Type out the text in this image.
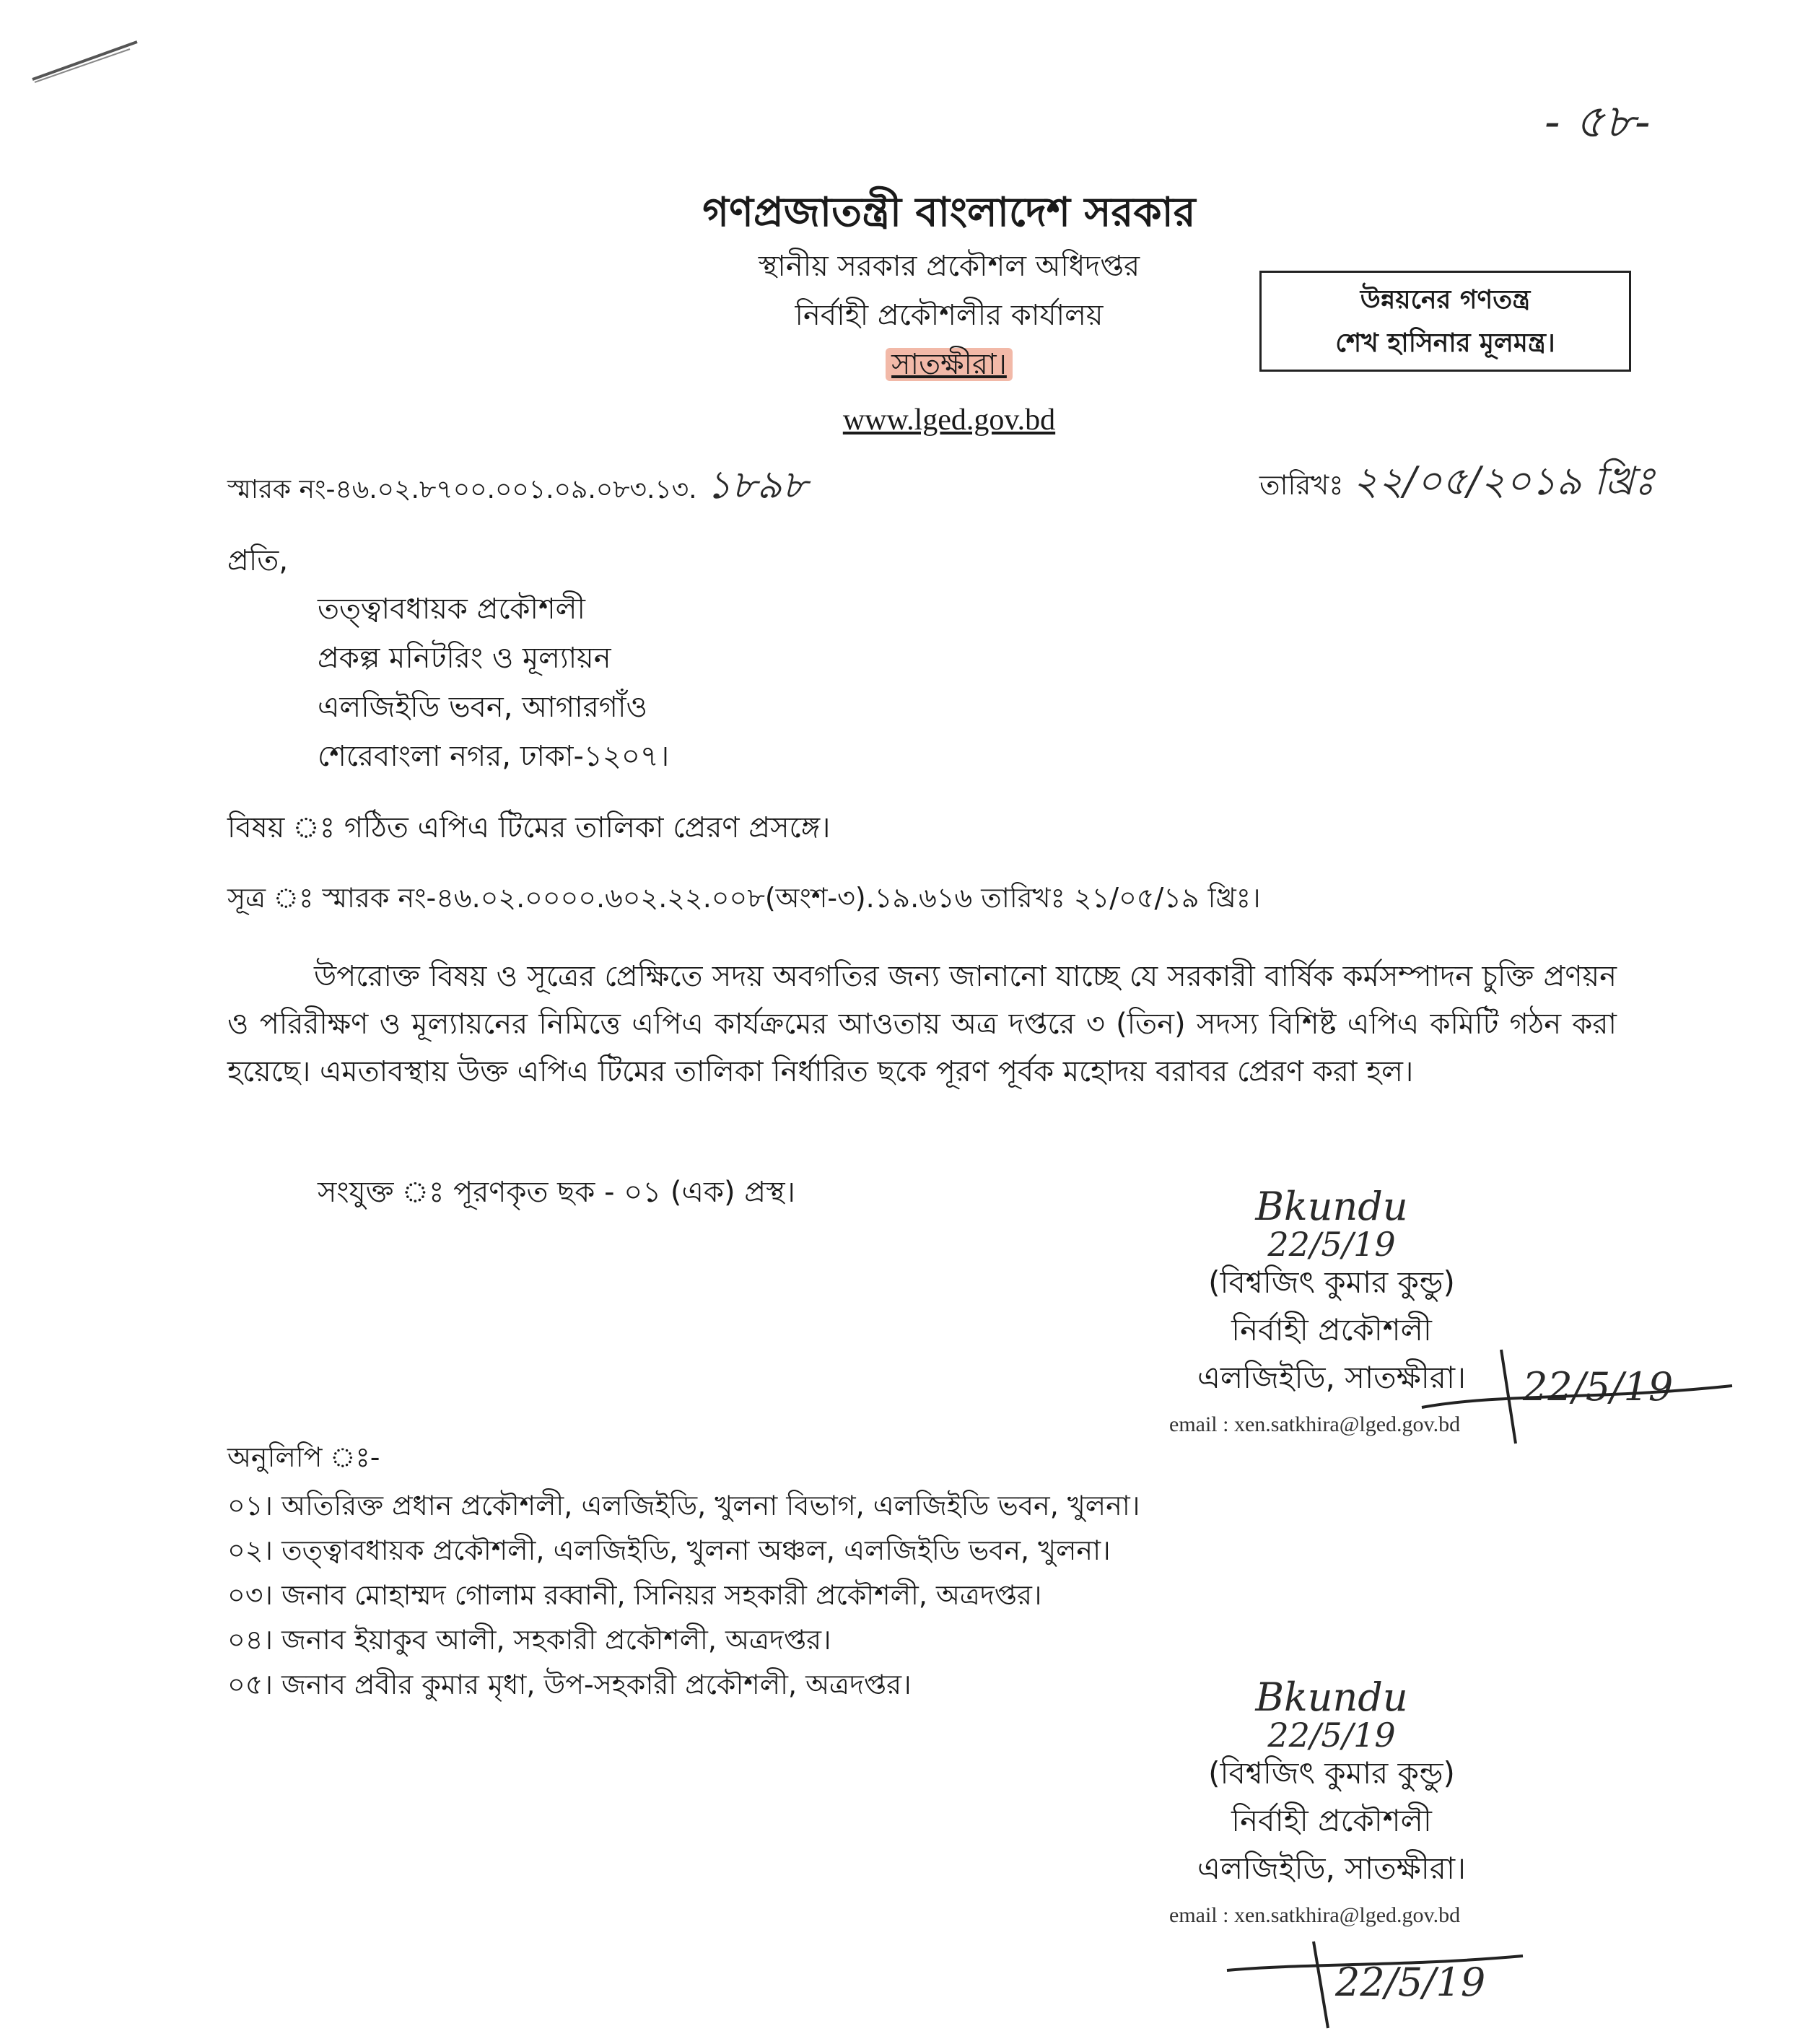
- ৫৮-
গণপ্রজাতন্ত্রী বাংলাদেশ সরকার
স্থানীয় সরকার প্রকৌশল অধিদপ্তর
নির্বাহী প্রকৌশলীর কার্যালয়
সাতক্ষীরা।
www.lged.gov.bd
উন্নয়নের গণতন্ত্র
শেখ হাসিনার মূলমন্ত্র।
স্মারক নং-৪৬.০২.৮৭০০.০০১.০৯.০৮৩.১৩. ১৮৯৮	তারিখঃ ২২/০৫/২০১৯ খ্রিঃ
প্রতি,
তত্ত্বাবধায়ক প্রকৌশলী
প্রকল্প মনিটরিং ও মূল্যায়ন
এলজিইডি ভবন, আগারগাঁও
শেরেবাংলা নগর, ঢাকা-১২০৭।
বিষয় ঃ গঠিত এপিএ টিমের তালিকা প্রেরণ প্রসঙ্গে।
সূত্র ঃ স্মারক নং-৪৬.০২.০০০০.৬০২.২২.০০৮(অংশ-৩).১৯.৬১৬ তারিখঃ ২১/০৫/১৯ খ্রিঃ।
উপরোক্ত বিষয় ও সূত্রের প্রেক্ষিতে সদয় অবগতির জন্য জানানো যাচ্ছে যে সরকারী বার্ষিক কর্মসম্পাদন চুক্তি প্রণয়ন ও পরিরীক্ষণ ও মূল্যায়নের নিমিত্তে এপিএ কার্যক্রমের আওতায় অত্র দপ্তরে ৩ (তিন) সদস্য বিশিষ্ট এপিএ কমিটি গঠন করা হয়েছে। এমতাবস্থায় উক্ত এপিএ টিমের তালিকা নির্ধারিত ছকে পূরণ পূর্বক মহোদয় বরাবর প্রেরণ করা হল।
সংযুক্ত ঃ পূরণকৃত ছক - ০১ (এক) প্রস্থ।	Bkundu
22/5/19
(বিশ্বজিৎ কুমার কুন্ডু)
নির্বাহী প্রকৌশলী
এলজিইডি, সাতক্ষীরা।
email : xen.satkhira@lged.gov.bd
22/5/19
অনুলিপি ঃ-
০১। অতিরিক্ত প্রধান প্রকৌশলী, এলজিইডি, খুলনা বিভাগ, এলজিইডি ভবন, খুলনা।
০২। তত্ত্বাবধায়ক প্রকৌশলী, এলজিইডি, খুলনা অঞ্চল, এলজিইডি ভবন, খুলনা।
০৩। জনাব মোহাম্মদ গোলাম রব্বানী, সিনিয়র সহকারী প্রকৌশলী, অত্রদপ্তর।
০৪। জনাব ইয়াকুব আলী, সহকারী প্রকৌশলী, অত্রদপ্তর।
০৫। জনাব প্রবীর কুমার মৃধা, উপ-সহকারী প্রকৌশলী, অত্রদপ্তর।	Bkundu
22/5/19
(বিশ্বজিৎ কুমার কুন্ডু)
নির্বাহী প্রকৌশলী
এলজিইডি, সাতক্ষীরা।
email : xen.satkhira@lged.gov.bd
22/5/19
